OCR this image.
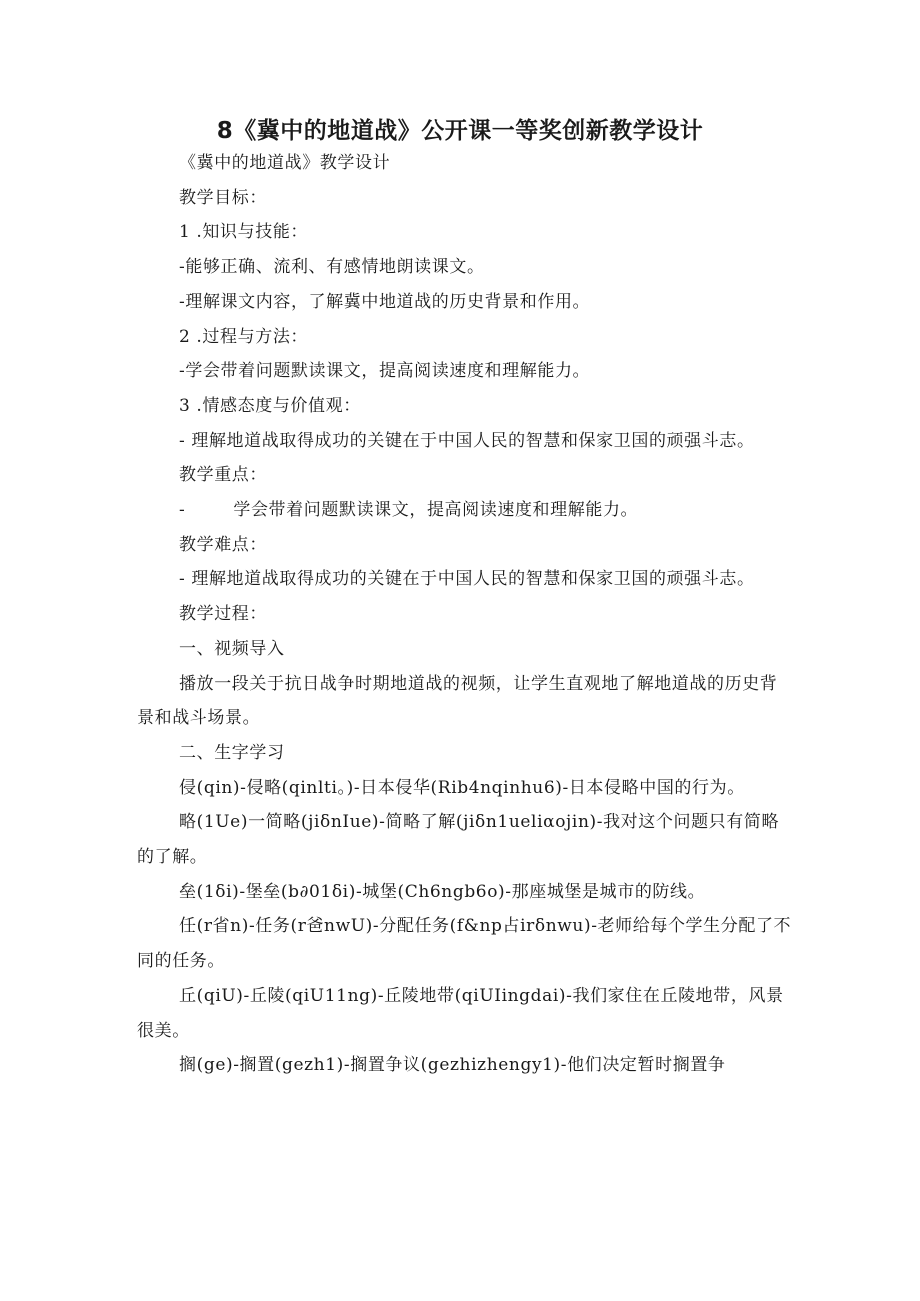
8《冀中的地道战》公开课一等奖创新教学设计

《冀中的地道战》教学设计

教学目标：

1 .知识与技能：

-能够正确、流利、有感情地朗读课文。

-理解课文内容，了解冀中地道战的历史背景和作用。

2 .过程与方法：

-学会带着问题默读课文，提高阅读速度和理解能力。

3 .情感态度与价值观：

- 理解地道战取得成功的关键在于中国人民的智慧和保家卫国的顽强斗志。

教学重点：

-	学会带着问题默读课文，提高阅读速度和理解能力。

教学难点：

- 理解地道战取得成功的关键在于中国人民的智慧和保家卫国的顽强斗志。

教学过程：

一、视频导入

播放一段关于抗日战争时期地道战的视频，让学生直观地了解地道战的历史背景和战斗场景。

二、生字学习

侵(qin)-侵略(qinlti。)-日本侵华(Rib4nqinhu6)-日本侵略中国的行为。

略(1Ue)一简略(jiδnIue)-简略了解(jiδn1ueliαojin)-我对这个问题只有简略的了解。

垒(1δi)-堡垒(b∂01δi)-城堡(Ch6ngb6o)-那座城堡是城市的防线。

任(r省n)-任务(r爸nwU)-分配任务(f&np占irδnwu)-老师给每个学生分配了不同的任务。

丘(qiU)-丘陵(qiU11ng)-丘陵地带(qiUIingdai)-我们家住在丘陵地带，风景很美。

搁(ge)-搁置(gezh1)-搁置争议(gezhizhengy1)-他们决定暂时搁置争
